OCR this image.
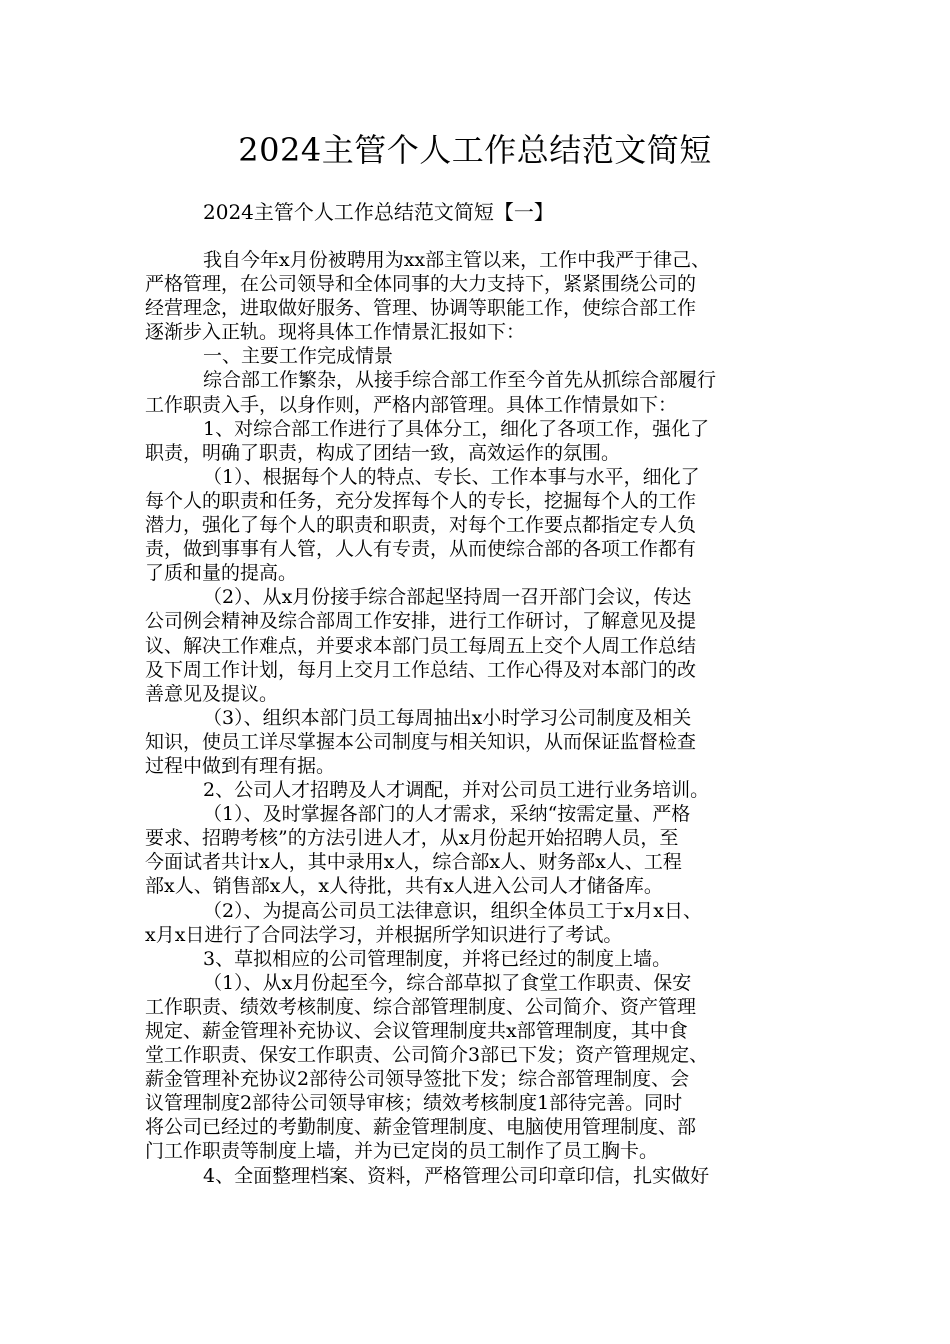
2024主管个人工作总结范文简短
2024主管个人工作总结范文简短【一】
我自今年x月份被聘用为xx部主管以来，工作中我严于律己、
严格管理，在公司领导和全体同事的大力支持下，紧紧围绕公司的
经营理念，进取做好服务、管理、协调等职能工作，使综合部工作
逐渐步入正轨。现将具体工作情景汇报如下：
一、主要工作完成情景
综合部工作繁杂，从接手综合部工作至今首先从抓综合部履行
工作职责入手，以身作则，严格内部管理。具体工作情景如下：
1、对综合部工作进行了具体分工，细化了各项工作，强化了
职责，明确了职责，构成了团结一致，高效运作的氛围。
（1）、根据每个人的特点、专长、工作本事与水平，细化了
每个人的职责和任务，充分发挥每个人的专长，挖掘每个人的工作
潜力，强化了每个人的职责和职责，对每个工作要点都指定专人负
责，做到事事有人管，人人有专责，从而使综合部的各项工作都有
了质和量的提高。
（2）、从x月份接手综合部起坚持周一召开部门会议，传达
公司例会精神及综合部周工作安排，进行工作研讨，了解意见及提
议、解决工作难点，并要求本部门员工每周五上交个人周工作总结
及下周工作计划，每月上交月工作总结、工作心得及对本部门的改
善意见及提议。
（3）、组织本部门员工每周抽出x小时学习公司制度及相关
知识，使员工详尽掌握本公司制度与相关知识，从而保证监督检查
过程中做到有理有据。
2、公司人才招聘及人才调配，并对公司员工进行业务培训。
（1）、及时掌握各部门的人才需求，采纳“按需定量、严格
要求、招聘考核”的方法引进人才，从x月份起开始招聘人员，至
今面试者共计x人，其中录用x人，综合部x人、财务部x人、工程
部x人、销售部x人，x人待批，共有x人进入公司人才储备库。
（2）、为提高公司员工法律意识，组织全体员工于x月x日、
x月x日进行了合同法学习，并根据所学知识进行了考试。
3、草拟相应的公司管理制度，并将已经过的制度上墙。
（1）、从x月份起至今，综合部草拟了食堂工作职责、保安
工作职责、绩效考核制度、综合部管理制度、公司简介、资产管理
规定、薪金管理补充协议、会议管理制度共x部管理制度，其中食
堂工作职责、保安工作职责、公司简介3部已下发；资产管理规定、
薪金管理补充协议2部待公司领导签批下发；综合部管理制度、会
议管理制度2部待公司领导审核；绩效考核制度1部待完善。同时
将公司已经过的考勤制度、薪金管理制度、电脑使用管理制度、部
门工作职责等制度上墙，并为已定岗的员工制作了员工胸卡。
4、全面整理档案、资料，严格管理公司印章印信，扎实做好
